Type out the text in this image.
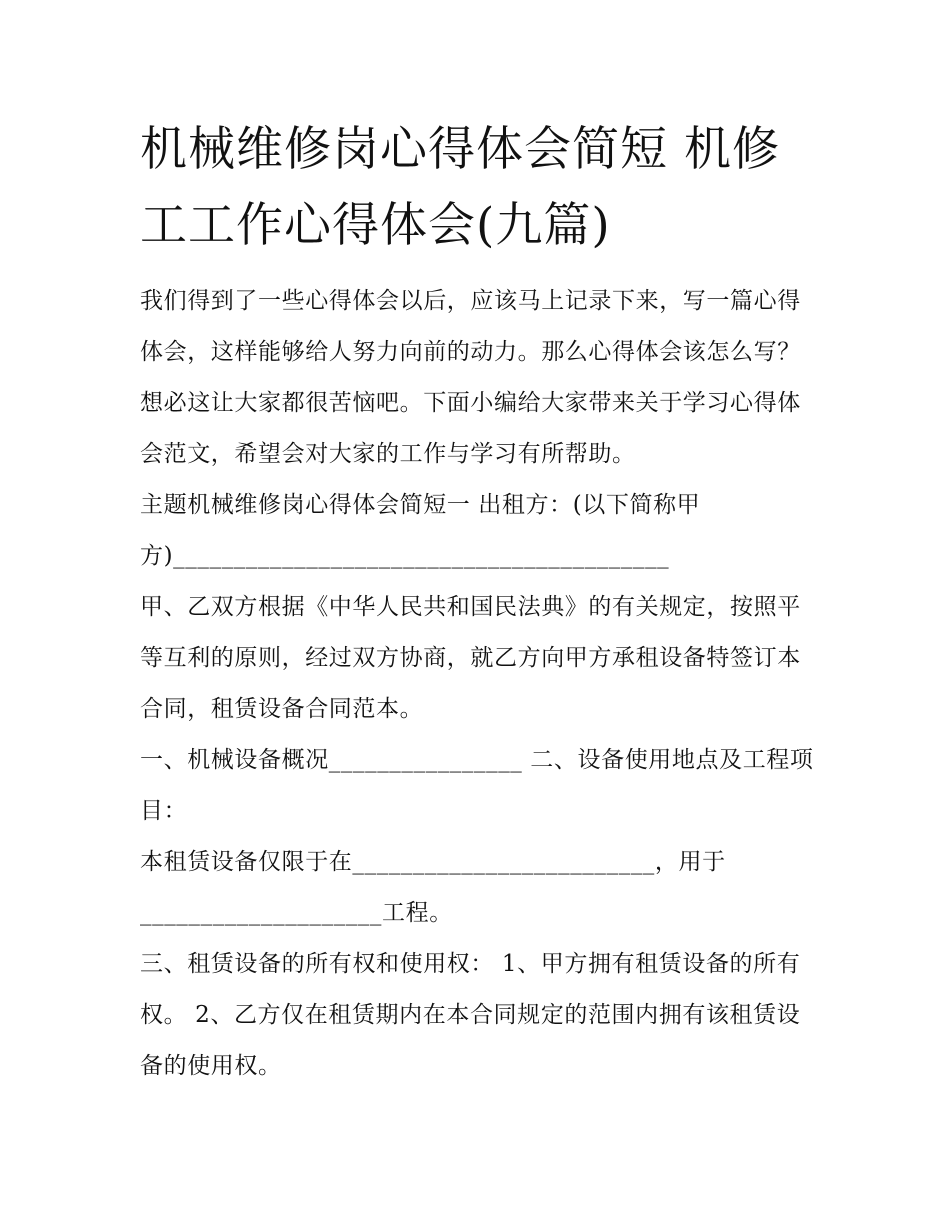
机械维修岗心得体会简短 机修工工作心得体会(九篇)

我们得到了一些心得体会以后，应该马上记录下来，写一篇心得体会，这样能够给人努力向前的动力。那么心得体会该怎么写？想必这让大家都很苦恼吧。下面小编给大家带来关于学习心得体会范文，希望会对大家的工作与学习有所帮助。

主题机械维修岗心得体会简短一 出租方：(以下简称甲
方)_________________________________________

甲、乙双方根据《中华人民共和国民法典》的有关规定，按照平等互利的原则，经过双方协商，就乙方向甲方承租设备特签订本合同，租赁设备合同范本。

一、机械设备概况________________ 二、设备使用地点及工程项目：

本租赁设备仅限于在_________________________，用于
____________________工程。

三、租赁设备的所有权和使用权： 1、甲方拥有租赁设备的所有权。 2、乙方仅在租赁期内在本合同规定的范围内拥有该租赁设备的使用权。
